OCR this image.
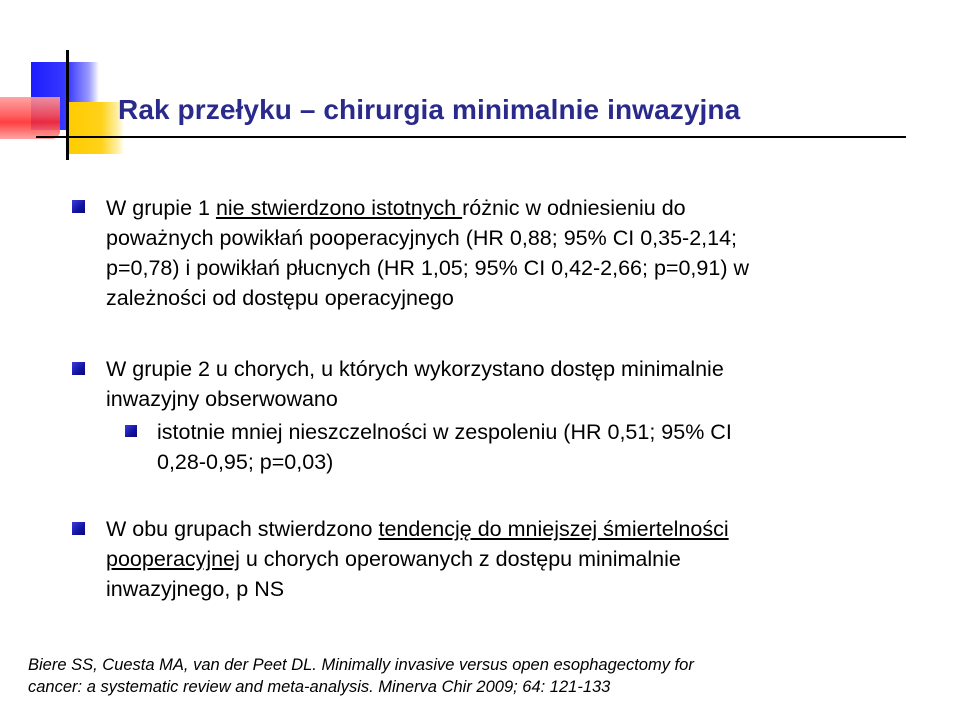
Rak przełyku – chirurgia minimalnie inwazyjna
W grupie 1 nie stwierdzono istotnych różnic w odniesieniu do
poważnych powikłań pooperacyjnych (HR 0,88; 95% CI 0,35-2,14;
p=0,78) i powikłań płucnych (HR 1,05; 95% CI 0,42-2,66; p=0,91) w
zależności od dostępu operacyjnego
W grupie 2 u chorych, u których wykorzystano dostęp minimalnie
inwazyjny obserwowano
istotnie mniej nieszczelności w zespoleniu (HR 0,51; 95% CI
0,28-0,95; p=0,03)
W obu grupach stwierdzono tendencję do mniejszej śmiertelności
pooperacyjnej u chorych operowanych z dostępu minimalnie
inwazyjnego, p NS
Biere SS, Cuesta MA, van der Peet DL. Minimally invasive versus open esophagectomy for
cancer: a systematic review and meta-analysis. Minerva Chir 2009; 64: 121-133
